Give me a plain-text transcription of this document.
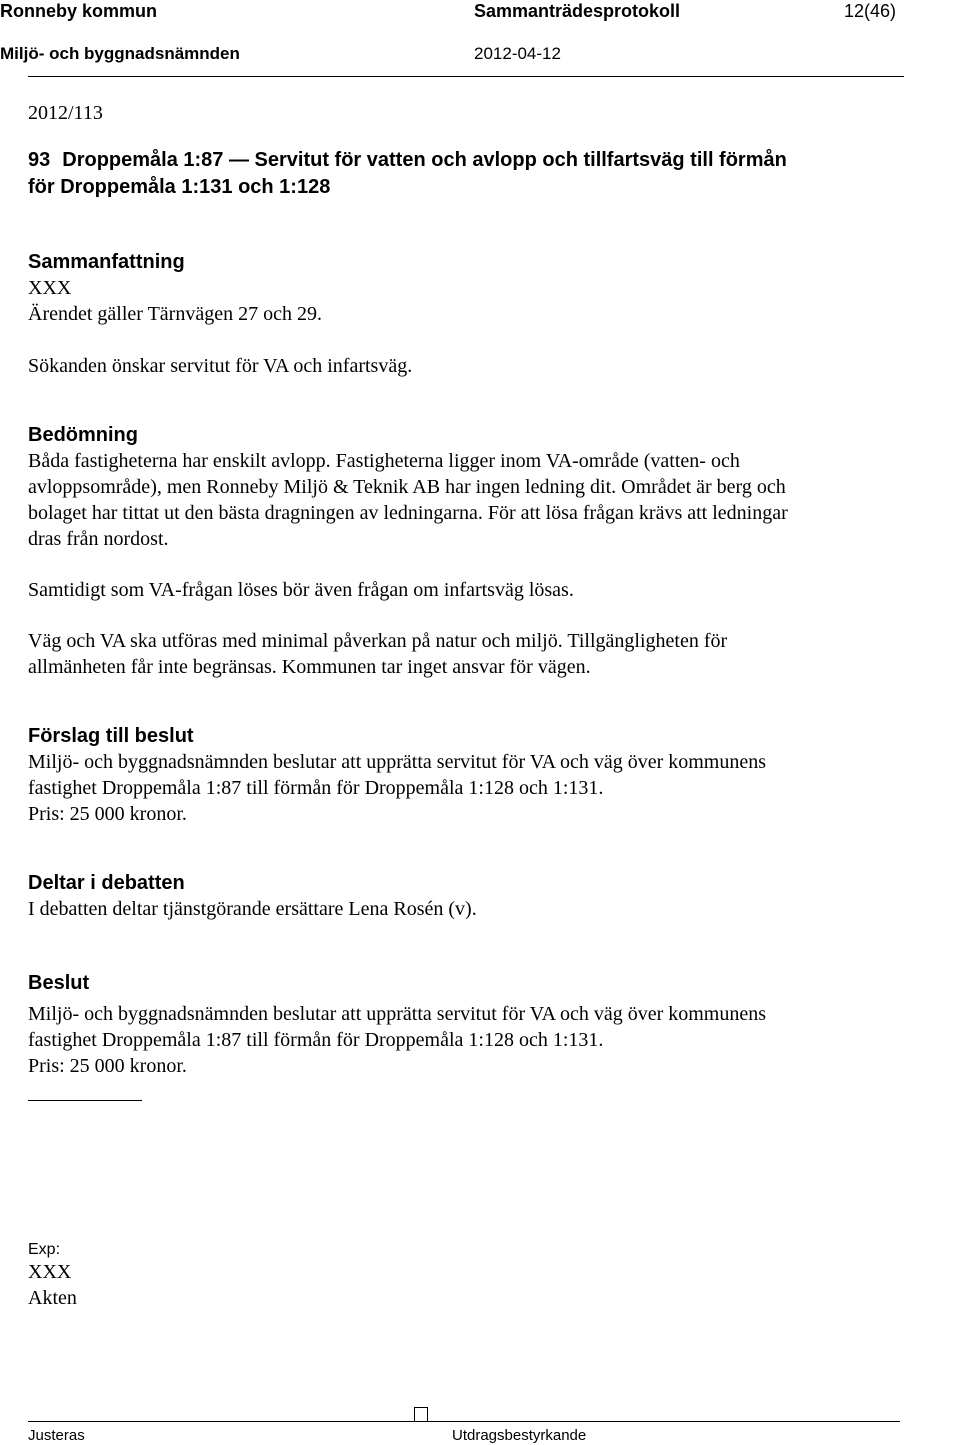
Ronneby kommun	Sammanträdesprotokoll	12(46)
Miljö- och byggnadsnämnden	2012-04-12
2012/113
93 Droppemåla 1:87 — Servitut för vatten och avlopp och tillfartsväg till förmån
för Droppemåla 1:131 och 1:128
Sammanfattning
XXX
Ärendet gäller Tärnvägen 27 och 29.
Sökanden önskar servitut för VA och infartsväg.
Bedömning
Båda fastigheterna har enskilt avlopp. Fastigheterna ligger inom VA-område (vatten- och
avloppsområde), men Ronneby Miljö & Teknik AB har ingen ledning dit. Området är berg och
bolaget har tittat ut den bästa dragningen av ledningarna. För att lösa frågan krävs att ledningar
dras från nordost.
Samtidigt som VA-frågan löses bör även frågan om infartsväg lösas.
Väg och VA ska utföras med minimal påverkan på natur och miljö. Tillgängligheten för
allmänheten får inte begränsas. Kommunen tar inget ansvar för vägen.
Förslag till beslut
Miljö- och byggnadsnämnden beslutar att upprätta servitut för VA och väg över kommunens
fastighet Droppemåla 1:87 till förmån för Droppemåla 1:128 och 1:131.
Pris: 25 000 kronor.
Deltar i debatten
I debatten deltar tjänstgörande ersättare Lena Rosén (v).
Beslut
Miljö- och byggnadsnämnden beslutar att upprätta servitut för VA och väg över kommunens
fastighet Droppemåla 1:87 till förmån för Droppemåla 1:128 och 1:131.
Pris: 25 000 kronor.
Exp:
XXX
Akten
Justeras	Utdragsbestyrkande
